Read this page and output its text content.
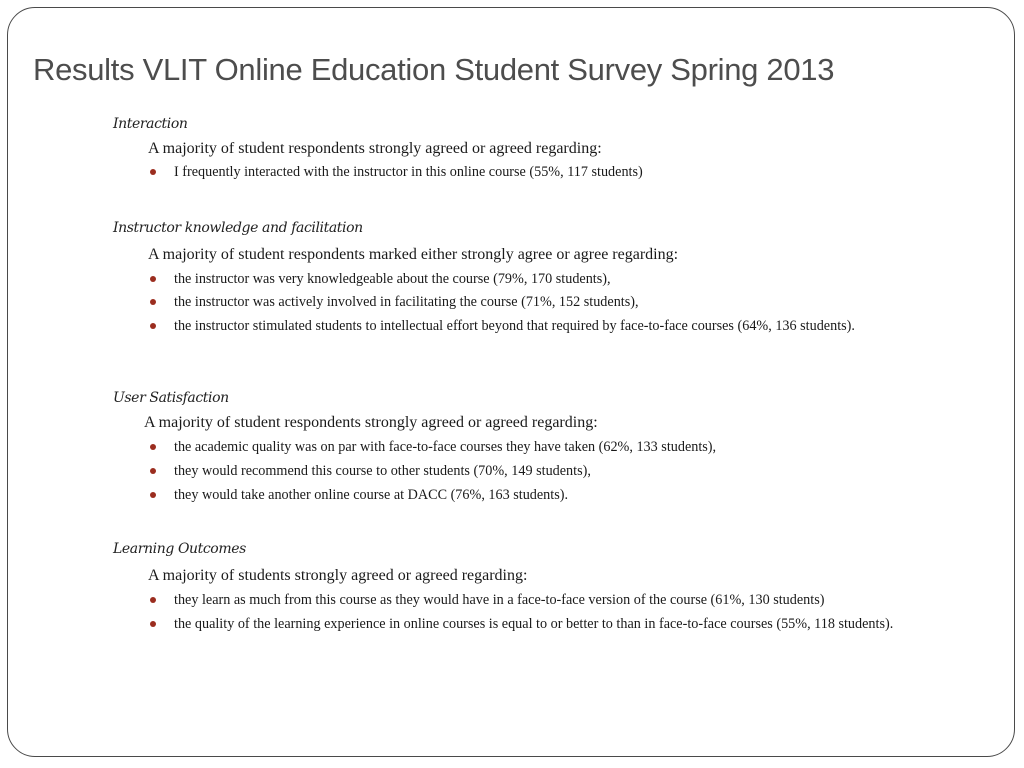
Results VLIT Online Education Student Survey Spring 2013
Interaction
A majority of student respondents strongly agreed or agreed regarding:
I frequently interacted with the instructor in this online course (55%, 117 students)
Instructor knowledge and facilitation
A majority of student respondents marked either strongly agree or agree regarding:
the instructor was very knowledgeable about the course (79%, 170 students),
the instructor was actively involved in facilitating the course (71%, 152 students),
the instructor stimulated students to intellectual effort beyond that required by face-to-face courses (64%, 136 students).
User Satisfaction
A majority of student respondents strongly agreed or agreed regarding:
the academic quality was on par with face-to-face courses they have taken (62%, 133 students),
they would recommend this course to other students (70%, 149 students),
they would take another online course at DACC (76%, 163 students).
Learning Outcomes
A majority of students strongly agreed or agreed regarding:
they learn as much from this course as they would have in a face-to-face version of the course (61%, 130 students)
the quality of the learning experience in online courses is equal to or better to than in face-to-face courses (55%, 118 students).
